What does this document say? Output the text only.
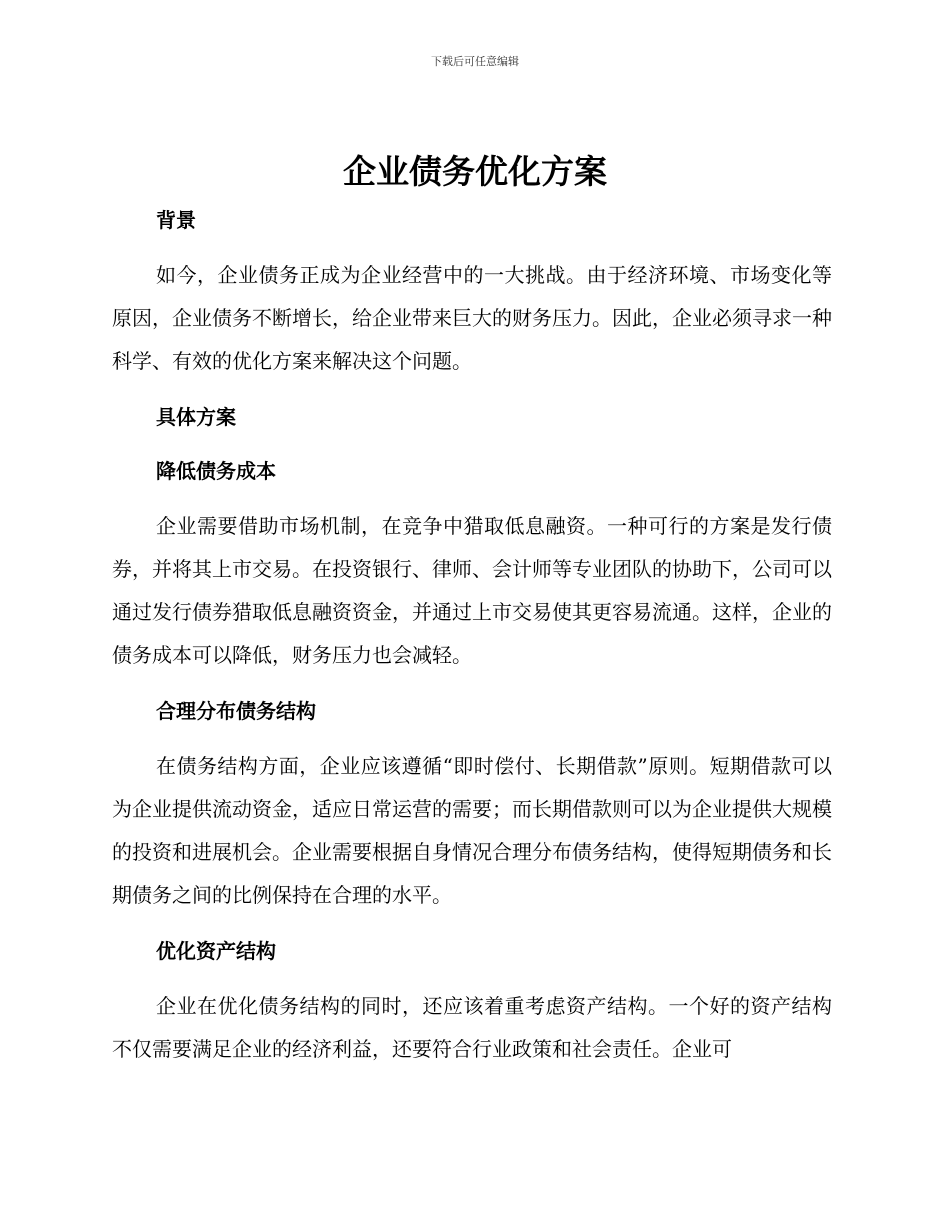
下载后可任意编辑
企业债务优化方案

背景

如今，企业债务正成为企业经营中的一大挑战。由于经济环境、市场变化等原因，企业债务不断增长，给企业带来巨大的财务压力。因此，企业必须寻求一种科学、有效的优化方案来解决这个问题。

具体方案

降低债务成本

企业需要借助市场机制，在竞争中猎取低息融资。一种可行的方案是发行债券，并将其上市交易。在投资银行、律师、会计师等专业团队的协助下，公司可以通过发行债券猎取低息融资资金，并通过上市交易使其更容易流通。这样，企业的债务成本可以降低，财务压力也会减轻。

合理分布债务结构

在债务结构方面，企业应该遵循“即时偿付、长期借款”原则。短期借款可以为企业提供流动资金，适应日常运营的需要；而长期借款则可以为企业提供大规模的投资和进展机会。企业需要根据自身情况合理分布债务结构，使得短期债务和长期债务之间的比例保持在合理的水平。

优化资产结构

企业在优化债务结构的同时，还应该着重考虑资产结构。一个好的资产结构不仅需要满足企业的经济利益，还要符合行业政策和社会责任。企业可
